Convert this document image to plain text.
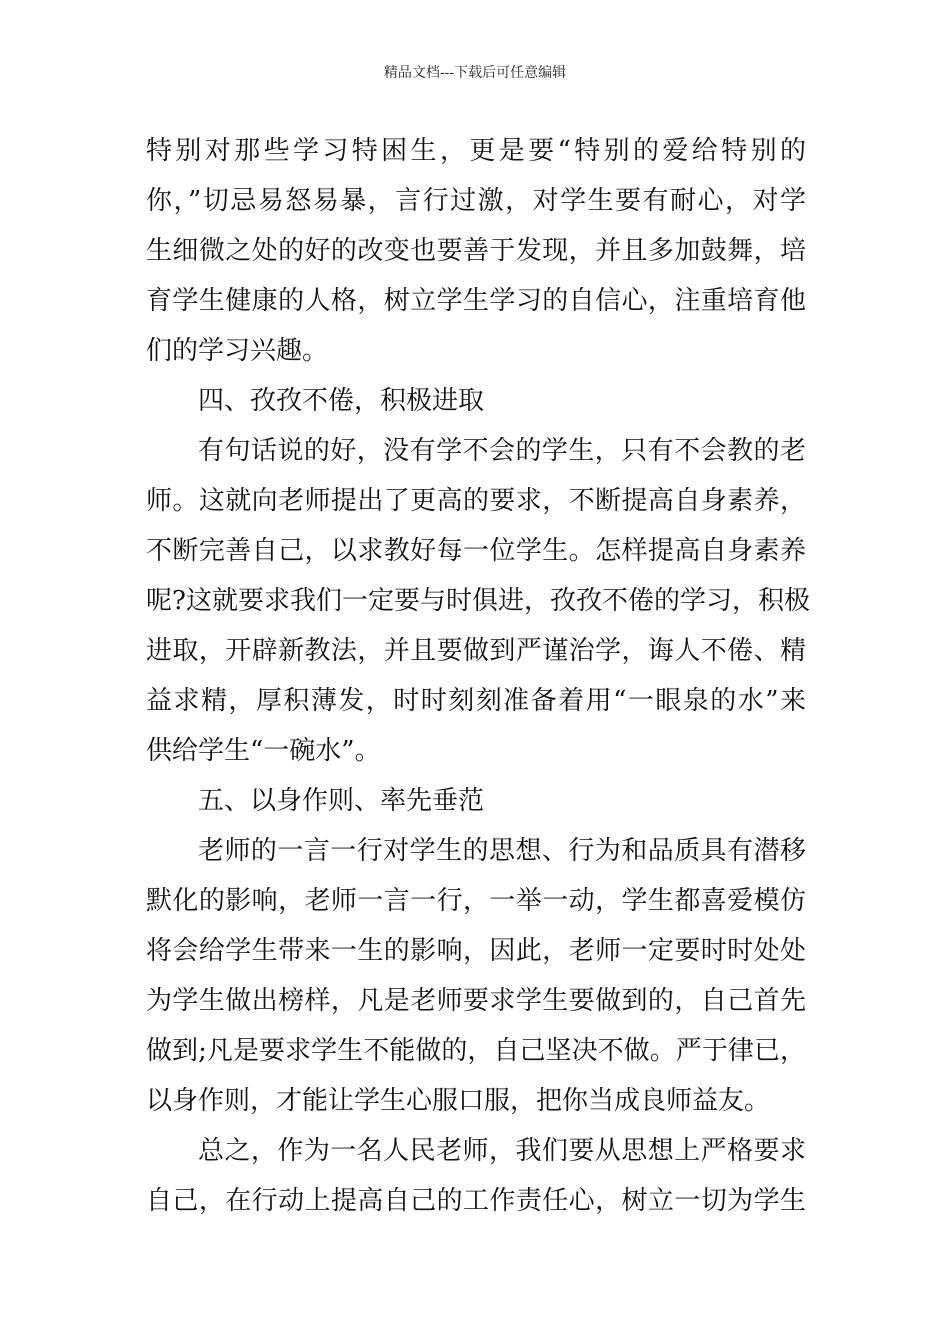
精品文档---下载后可任意编辑
特别对那些学习特困生，更是要“特别的爱给特别的
你，”切忌易怒易暴，言行过激，对学生要有耐心，对学
生细微之处的好的改变也要善于发现，并且多加鼓舞，培
育学生健康的人格，树立学生学习的自信心，注重培育他
们的学习兴趣。
四、孜孜不倦，积极进取
有句话说的好，没有学不会的学生，只有不会教的老
师。这就向老师提出了更高的要求，不断提高自身素养，
不断完善自己，以求教好每一位学生。怎样提高自身素养
呢?这就要求我们一定要与时俱进，孜孜不倦的学习，积极
进取，开辟新教法，并且要做到严谨治学，诲人不倦、精
益求精，厚积薄发，时时刻刻准备着用“一眼泉的水”来
供给学生“一碗水”。
五、以身作则、率先垂范
老师的一言一行对学生的思想、行为和品质具有潜移
默化的影响，老师一言一行，一举一动，学生都喜爱模仿
将会给学生带来一生的影响，因此，老师一定要时时处处
为学生做出榜样，凡是老师要求学生要做到的，自己首先
做到;凡是要求学生不能做的，自己坚决不做。严于律已，
以身作则，才能让学生心服口服，把你当成良师益友。
总之，作为一名人民老师，我们要从思想上严格要求
自己，在行动上提高自己的工作责任心，树立一切为学生
